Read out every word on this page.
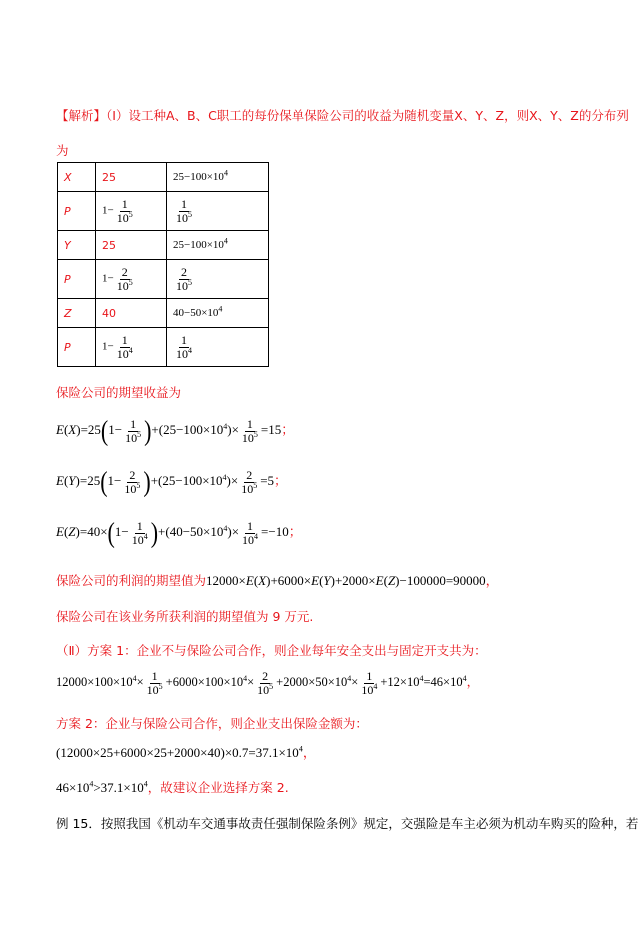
【解析】（Ⅰ）设工种A、B、C职工的每份保单保险公司的收益为随机变量X、Y、Z，则X、Y、Z的分布列
为
X	25	$25-100\times 10^4$
P	$1- \frac{1}{10^5}$	$\frac{1}{10^5}$

Y	25	$25-100\times 10^4$
P	$1- \frac{2}{10^5}$	$\frac{2}{10^5}$

Z	40	$40-50\times 10^4$
P	$1- \frac{1}{10^4}$	$\frac{1}{10^4}$
保险公司的期望收益为
$E(X)=25(1- \frac{1}{10^5} )+(25-100\times 10^4)\times \frac{1}{10^5} =15$；
$E(Y)=25(1- \frac{2}{10^5} )+(25-100\times 10^4)\times \frac{2}{10^5} =5$；
$E(Z)=40\times(1- \frac{1}{10^4} )+(40-50\times 10^4)\times \frac{1}{10^4} =-10$；
保险公司的利润的期望值为12000×E(X)+6000×E(Y)+2000×E(Z)−100000=90000，
保险公司在该业务所获利润的期望值为 9 万元.
（Ⅱ）方案 1：企业不与保险公司合作，则企业每年安全支出与固定开支共为：
$12000\times 100\times 10^4\times \frac{1}{10^5} +6000\times 100\times 10^4\times \frac{2}{10^5} +2000\times 50\times 10^4\times \frac{1}{10^4} +12\times 10^4=46\times 10^4$，
方案 2：企业与保险公司合作，则企业支出保险金额为：
$(12000\times 25+6000\times 25+2000\times 40)\times 0.7=37.1\times 10^4$，
$46\times 10^4>37.1\times 10^4$，故建议企业选择方案 2.
例 15．按照我国《机动车交通事故责任强制保险条例》规定，交强险是车主必须为机动车购买的险种，若
